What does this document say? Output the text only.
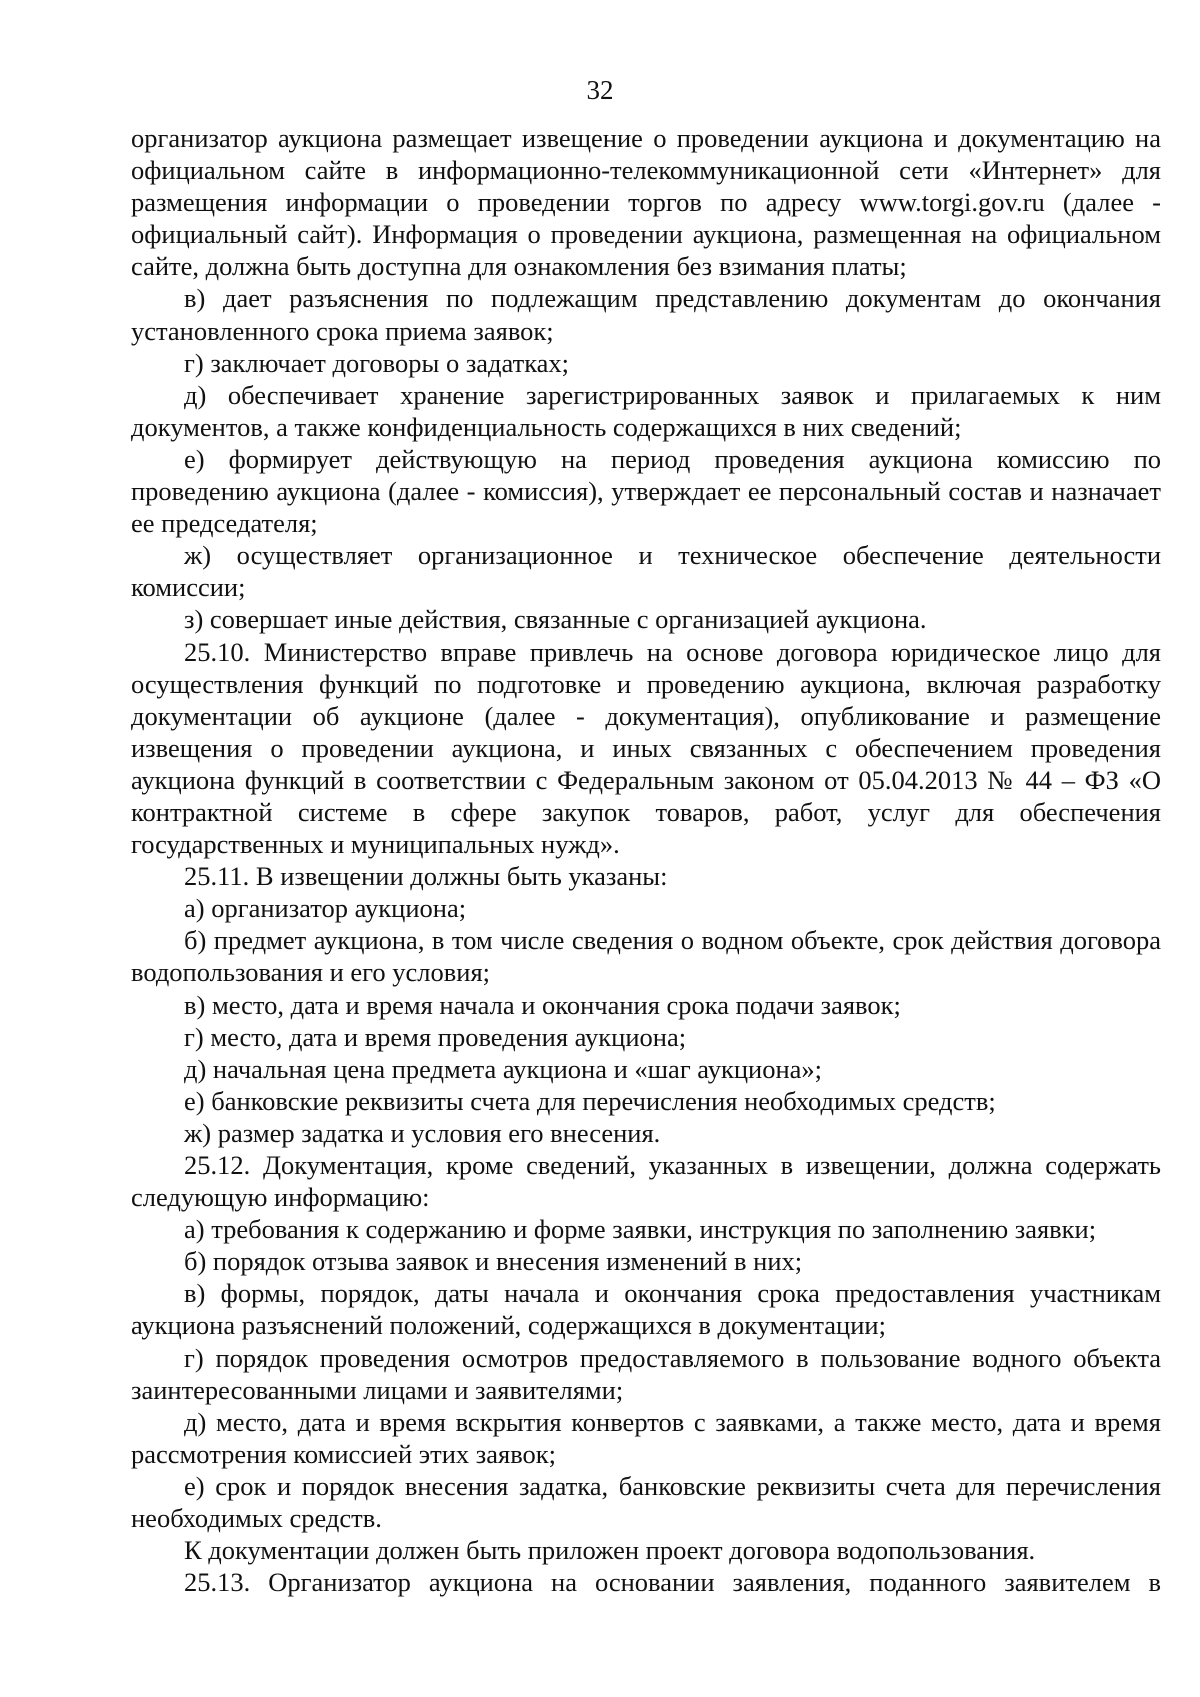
32

организатор аукциона размещает извещение о проведении аукциона и документацию на официальном сайте в информационно-телекоммуникационной сети «Интернет» для размещения информации о проведении торгов по адресу www.torgi.gov.ru (далее - официальный сайт). Информация о проведении аукциона, размещенная на официальном сайте, должна быть доступна для ознакомления без взимания платы;

в) дает разъяснения по подлежащим представлению документам до окончания установленного срока приема заявок;

г) заключает договоры о задатках;

д) обеспечивает хранение зарегистрированных заявок и прилагаемых к ним документов, а также конфиденциальность содержащихся в них сведений;

е) формирует действующую на период проведения аукциона комиссию по проведению аукциона (далее - комиссия), утверждает ее персональный состав и назначает ее председателя;

ж) осуществляет организационное и техническое обеспечение деятельности комиссии;

з) совершает иные действия, связанные с организацией аукциона.

25.10. Министерство вправе привлечь на основе договора юридическое лицо для осуществления функций по подготовке и проведению аукциона, включая разработку документации об аукционе (далее - документация), опубликование и размещение извещения о проведении аукциона, и иных связанных с обеспечением проведения аукциона функций в соответствии с Федеральным законом от 05.04.2013 № 44 – ФЗ «О контрактной системе в сфере закупок товаров, работ, услуг для обеспечения государственных и муниципальных нужд».

25.11. В извещении должны быть указаны:

а) организатор аукциона;

б) предмет аукциона, в том числе сведения о водном объекте, срок действия договора водопользования и его условия;

в) место, дата и время начала и окончания срока подачи заявок;

г) место, дата и время проведения аукциона;

д) начальная цена предмета аукциона и «шаг аукциона»;

е) банковские реквизиты счета для перечисления необходимых средств;

ж) размер задатка и условия его внесения.

25.12. Документация, кроме сведений, указанных в извещении, должна содержать следующую информацию:

а) требования к содержанию и форме заявки, инструкция по заполнению заявки;

б) порядок отзыва заявок и внесения изменений в них;

в) формы, порядок, даты начала и окончания срока предоставления участникам аукциона разъяснений положений, содержащихся в документации;

г) порядок проведения осмотров предоставляемого в пользование водного объекта заинтересованными лицами и заявителями;

д) место, дата и время вскрытия конвертов с заявками, а также место, дата и время рассмотрения комиссией этих заявок;

е) срок и порядок внесения задатка, банковские реквизиты счета для перечисления необходимых средств.

К документации должен быть приложен проект договора водопользования.

25.13. Организатор аукциона на основании заявления, поданного заявителем в
